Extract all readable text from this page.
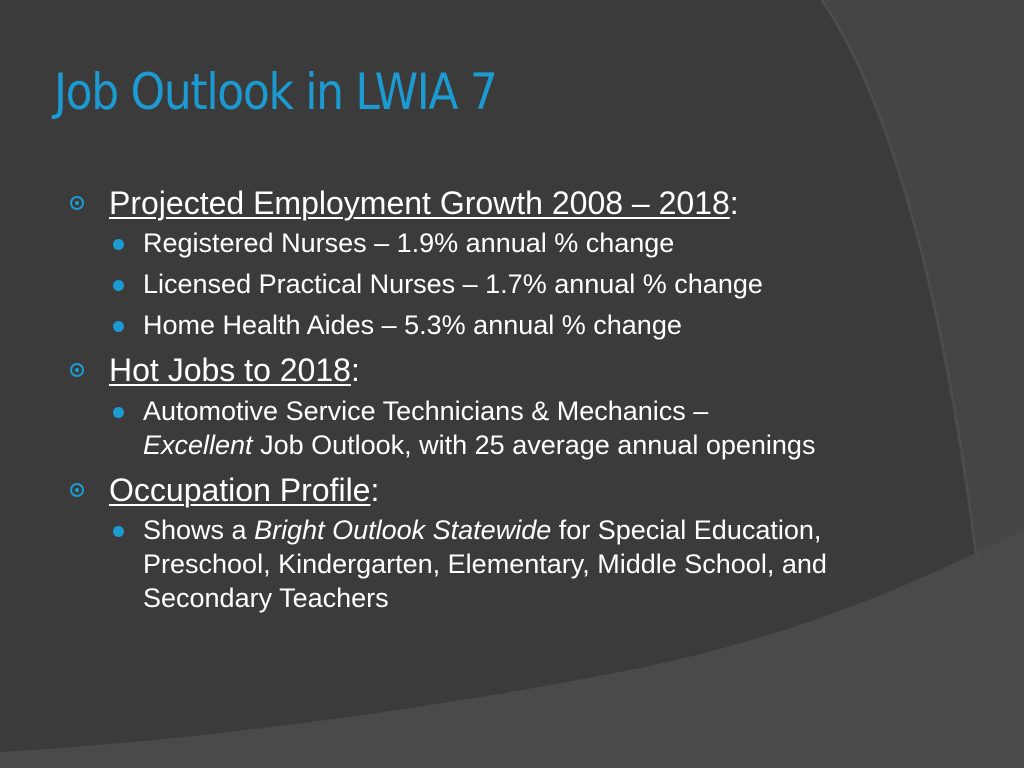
Job Outlook in LWIA 7

Projected Employment Growth 2008 – 2018:

Registered Nurses – 1.9% annual % change
Licensed Practical Nurses – 1.7% annual % change
Home Health Aides – 5.3% annual % change

Hot Jobs to 2018:

Automotive Service Technicians & Mechanics –
Excellent Job Outlook, with 25 average annual openings

Occupation Profile:

Shows a Bright Outlook Statewide for Special Education, Preschool, Kindergarten, Elementary, Middle School, and Secondary Teachers
